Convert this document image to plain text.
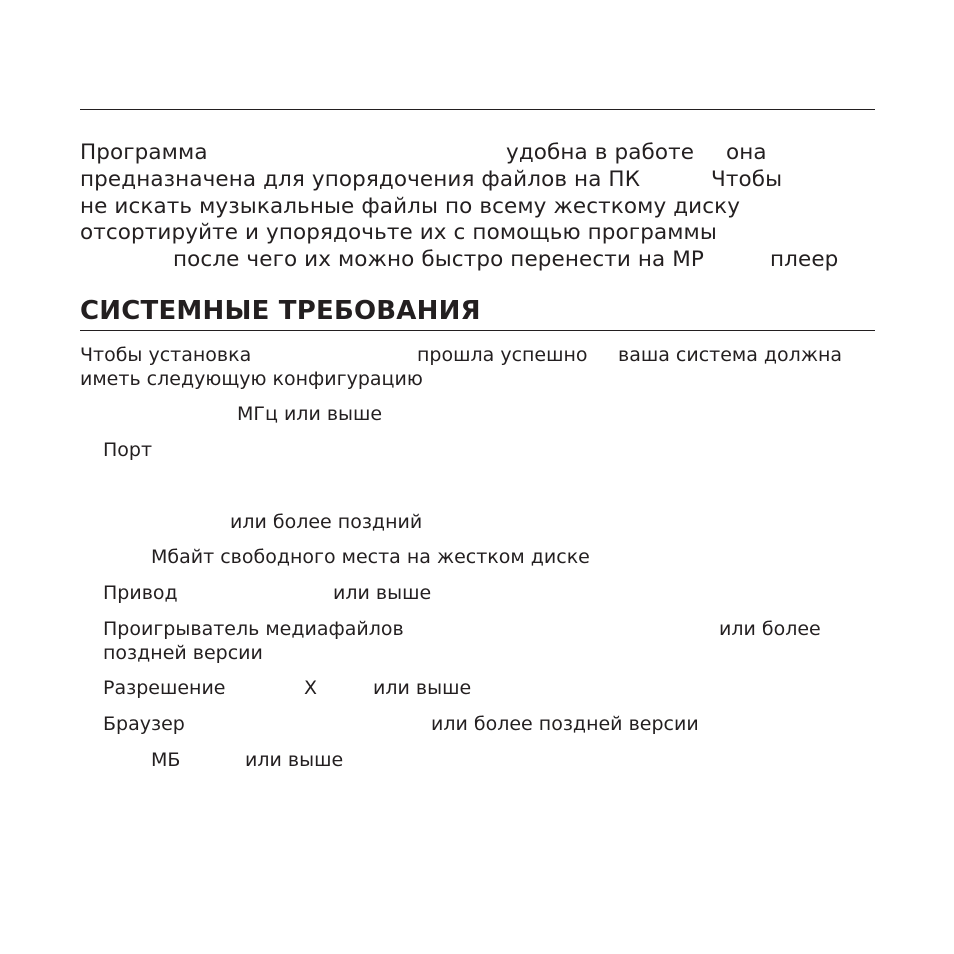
Программа	удобна в работе она
предназначена для упорядочения файлов на ПК	Чтобы
не искать музыкальные файлы по всему жесткому диску
отсортируйте и упорядочьте их с помощью программы
после чего их можно быстро перенести на MP	плеер
СИСТЕМНЫЕ ТРЕБОВАНИЯ
Чтобы установка	прошла успешно ваша система должна
иметь следующую конфигурацию
МГц или выше
Порт
или более поздний
Мбайт свободного места на жестком диске
Привод	или выше
Проигрыватель медиафайлов	или более
поздней версии
Разрешение	X	или выше
Браузер	или более поздней версии
МБ	или выше
